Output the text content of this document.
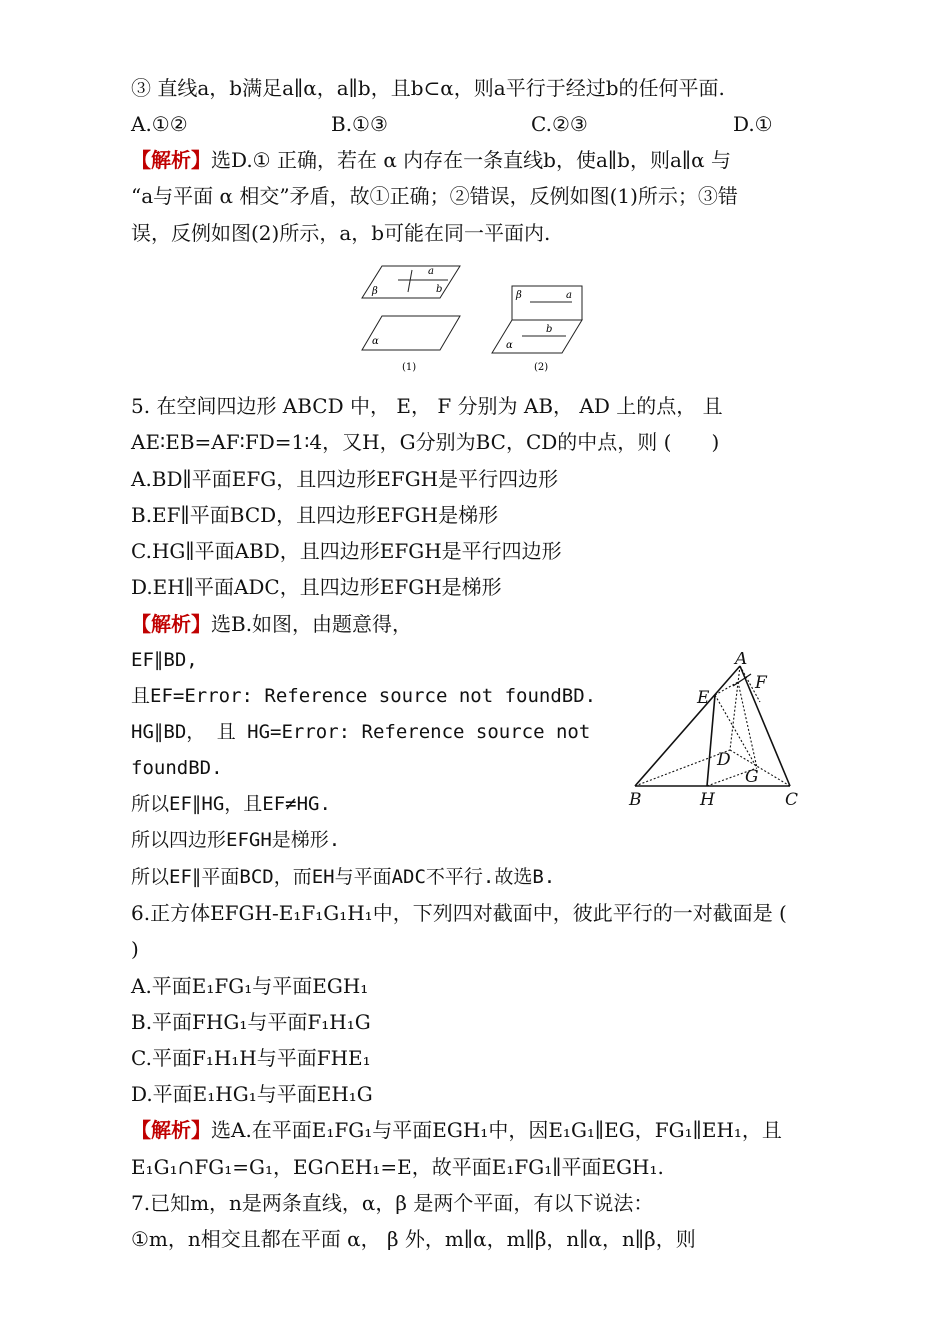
③ 直线a，b满足a∥α，a∥b，且b⊂α，则a平行于经过b的任何平面.
A.①②	B.①③	C.②③	D.①
【解析】选D.① 正确，若在 α 内存在一条直线b，使a∥b，则a∥α 与
“a与平面 α 相交”矛盾，故①正确；②错误，反例如图(1)所示；③错
误，反例如图(2)所示，a，b可能在同一平面内.
α
β
a
b
(1)
β	a
b
α
(2)
5. 在空间四边形 ABCD 中， E， F 分别为 AB， AD 上的点， 且
AE∶EB=AF∶FD=1∶4，又H，G分别为BC，CD的中点，则 (　　)
A.BD∥平面EFG，且四边形EFGH是平行四边形
B.EF∥平面BCD，且四边形EFGH是梯形
C.HG∥平面ABD，且四边形EFGH是平行四边形
D.EH∥平面ADC，且四边形EFGH是梯形
【解析】选B.如图，由题意得，
EF∥BD,
且EF=Error: Reference source not foundBD.
HG∥BD， 且 HG=Error: Reference source not
foundBD.
所以EF∥HG，且EF≠HG.
所以四边形EFGH是梯形.
所以EF∥平面BCD，而EH与平面ADC不平行.故选B.
A
F
E
D
G
B	H	C
6.正方体EFGH-E₁F₁G₁H₁中，下列四对截面中，彼此平行的一对截面是 (
)
A.平面E₁FG₁与平面EGH₁
B.平面FHG₁与平面F₁H₁G
C.平面F₁H₁H与平面FHE₁
D.平面E₁HG₁与平面EH₁G
【解析】选A.在平面E₁FG₁与平面EGH₁中，因E₁G₁∥EG，FG₁∥EH₁，且
E₁G₁∩FG₁=G₁，EG∩EH₁=E，故平面E₁FG₁∥平面EGH₁.
7.已知m，n是两条直线，α，β 是两个平面，有以下说法：
①m，n相交且都在平面 α， β 外，m∥α，m∥β，n∥α，n∥β，则
